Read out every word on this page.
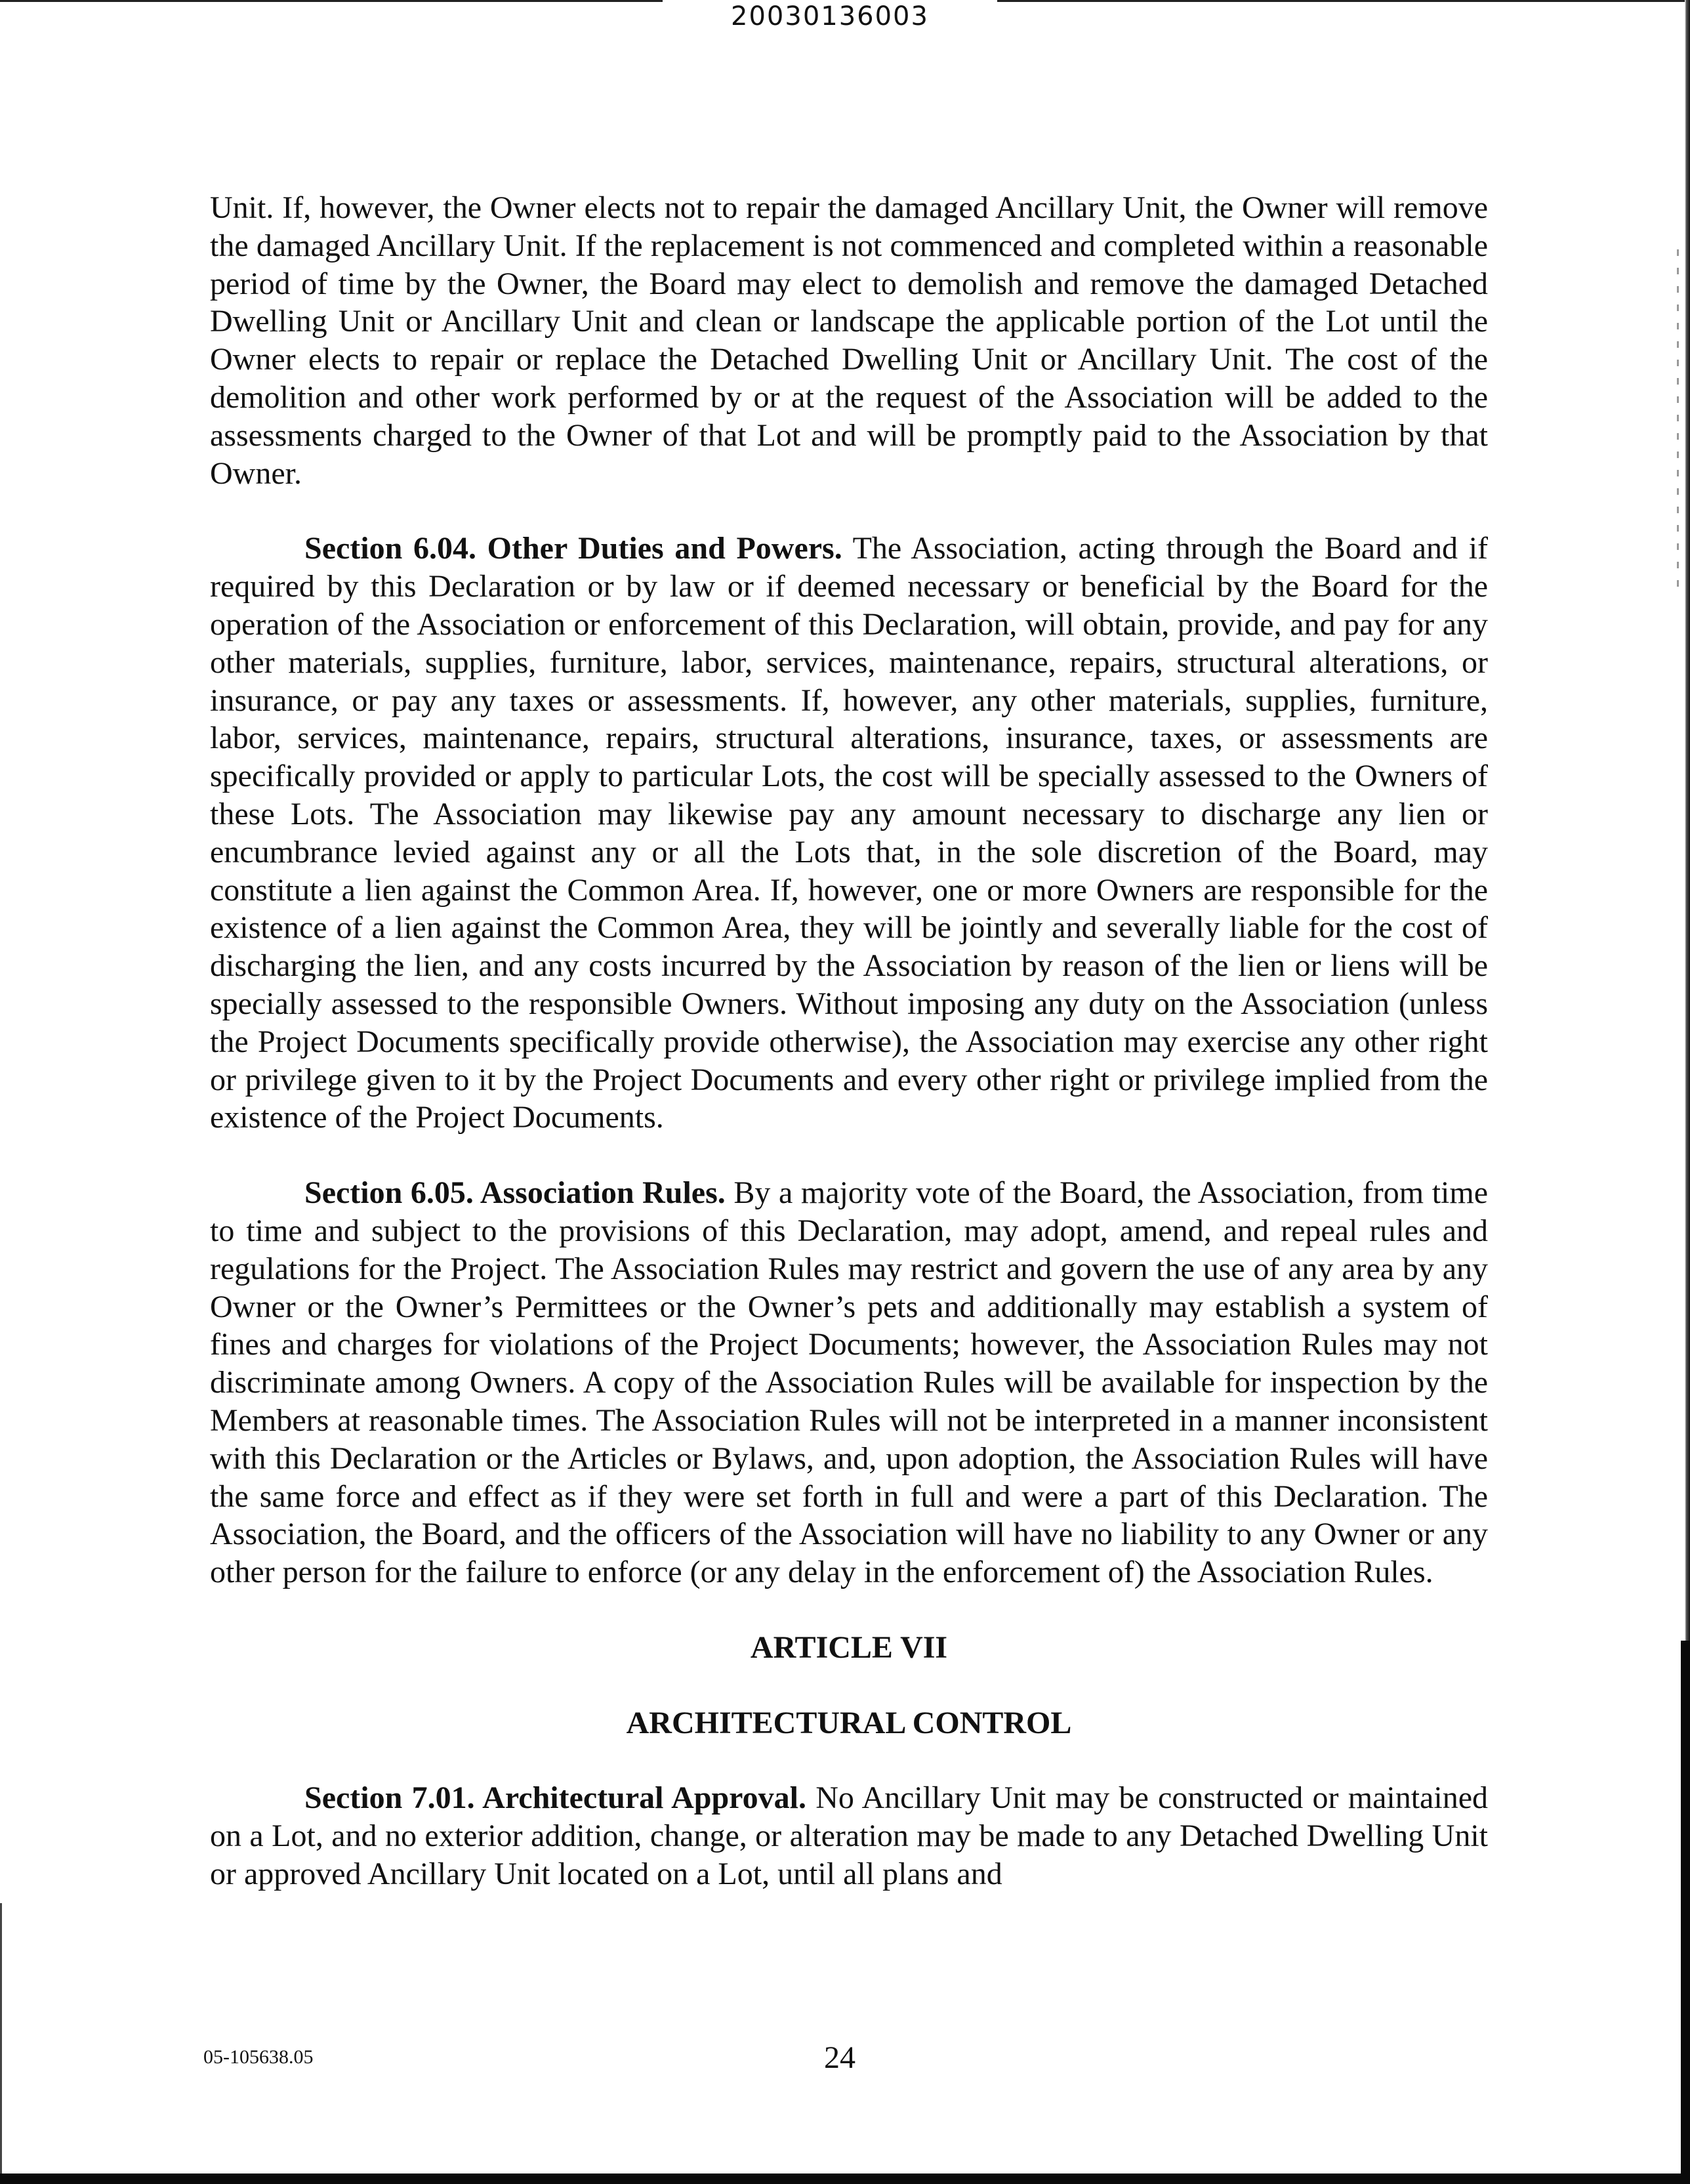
20030136003

Unit. If, however, the Owner elects not to repair the damaged Ancillary Unit, the Owner will remove the damaged Ancillary Unit. If the replacement is not commenced and completed within a reasonable period of time by the Owner, the Board may elect to demolish and remove the damaged Detached Dwelling Unit or Ancillary Unit and clean or landscape the applicable portion of the Lot until the Owner elects to repair or replace the Detached Dwelling Unit or Ancillary Unit. The cost of the demolition and other work performed by or at the request of the Association will be added to the assessments charged to the Owner of that Lot and will be promptly paid to the Association by that Owner.

Section 6.04. Other Duties and Powers. The Association, acting through the Board and if required by this Declaration or by law or if deemed necessary or beneficial by the Board for the operation of the Association or enforcement of this Declaration, will obtain, provide, and pay for any other materials, supplies, furniture, labor, services, maintenance, repairs, structural alterations, or insurance, or pay any taxes or assessments. If, however, any other materials, supplies, furniture, labor, services, maintenance, repairs, structural alterations, insurance, taxes, or assessments are specifically provided or apply to particular Lots, the cost will be specially assessed to the Owners of these Lots. The Association may likewise pay any amount necessary to discharge any lien or encumbrance levied against any or all the Lots that, in the sole discretion of the Board, may constitute a lien against the Common Area. If, however, one or more Owners are responsible for the existence of a lien against the Common Area, they will be jointly and severally liable for the cost of discharging the lien, and any costs incurred by the Association by reason of the lien or liens will be specially assessed to the responsible Owners. Without imposing any duty on the Association (unless the Project Documents specifically provide otherwise), the Association may exercise any other right or privilege given to it by the Project Documents and every other right or privilege implied from the existence of the Project Documents.

Section 6.05. Association Rules. By a majority vote of the Board, the Association, from time to time and subject to the provisions of this Declaration, may adopt, amend, and repeal rules and regulations for the Project. The Association Rules may restrict and govern the use of any area by any Owner or the Owner’s Permittees or the Owner’s pets and additionally may establish a system of fines and charges for violations of the Project Documents; however, the Association Rules may not discriminate among Owners. A copy of the Association Rules will be available for inspection by the Members at reasonable times. The Association Rules will not be interpreted in a manner inconsistent with this Declaration or the Articles or Bylaws, and, upon adoption, the Association Rules will have the same force and effect as if they were set forth in full and were a part of this Declaration. The Association, the Board, and the officers of the Association will have no liability to any Owner or any other person for the failure to enforce (or any delay in the enforcement of) the Association Rules.

ARTICLE VII

ARCHITECTURAL CONTROL

Section 7.01. Architectural Approval. No Ancillary Unit may be constructed or maintained on a Lot, and no exterior addition, change, or alteration may be made to any Detached Dwelling Unit or approved Ancillary Unit located on a Lot, until all plans and

05-105638.05	24
